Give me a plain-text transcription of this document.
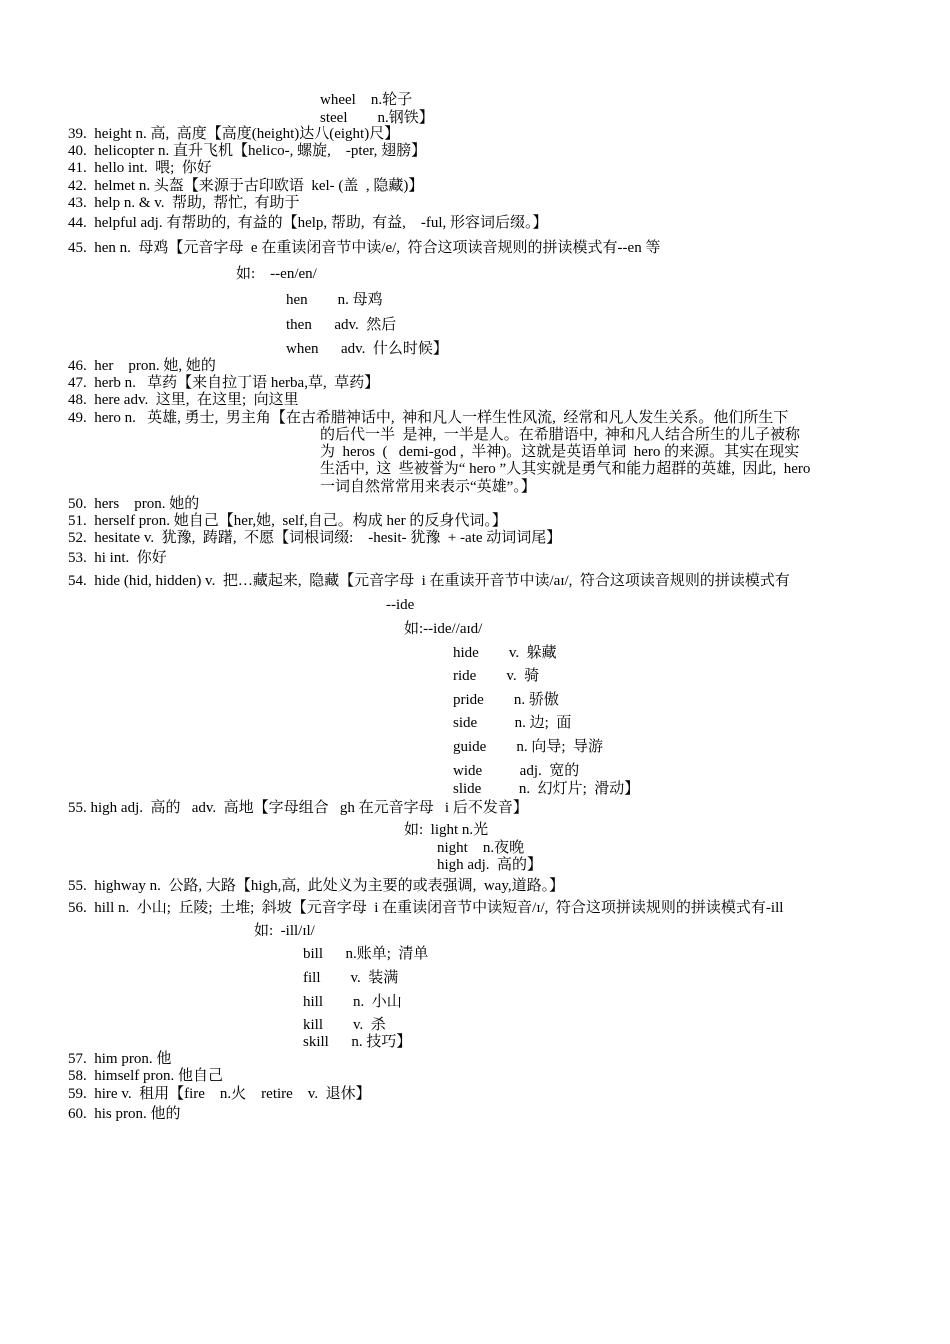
wheel    n.轮子
steel        n.钢铁】
39.  height n. 高,  高度【高度(height)达八(eight)尺】
40.  helicopter n. 直升飞机【helico-, 螺旋,    -pter, 翅膀】
41.  hello int.  喂;  你好
42.  helmet n. 头盔【来源于古印欧语  kel- (盖  , 隐藏)】
43.  help n. & v.  帮助,  帮忙,  有助于
44.  helpful adj. 有帮助的,  有益的【help, 帮助,  有益,    -ful, 形容词后缀。】
45.  hen n.  母鸡【元音字母  e 在重读闭音节中读/e/,  符合这项读音规则的拼读模式有--en 等
如:    --en/en/
hen        n. 母鸡
then      adv.  然后
when      adv.  什么时候】
46.  her    pron. 她, 她的
47.  herb n.   草药【来自拉丁语 herba,草,  草药】
48.  here adv.  这里,  在这里;  向这里
49.  hero n.   英雄, 勇士,  男主角【在古希腊神话中,  神和凡人一样生性风流,  经常和凡人发生关系。他们所生下
的后代一半  是神,  一半是人。在希腊语中,  神和凡人结合所生的儿子被称
为  heros  (   demi-god ,  半神)。这就是英语单词  hero 的来源。其实在现实
生活中,  这  些被誉为“ hero ”人其实就是勇气和能力超群的英雄,  因此,  hero
一词自然常常用来表示“英雄”。】
50.  hers    pron. 她的
51.  herself pron. 她自己【her,她,  self,自己。构成 her 的反身代词。】
52.  hesitate v.  犹豫,  踌躇,  不愿【词根词缀:    -hesit- 犹豫  + -ate 动词词尾】
53.  hi int.  你好
54.  hide (hid, hidden) v.  把…藏起来,  隐藏【元音字母  i 在重读开音节中读/aɪ/,  符合这项读音规则的拼读模式有
--ide
如:--ide//aɪd/
hide        v.  躲藏
ride        v.  骑
pride        n. 骄傲
side          n. 边;  面
guide        n. 向导;  导游
wide          adj.  宽的
slide          n.  幻灯片;  滑动】
55. high adj.  高的   adv.  高地【字母组合   gh 在元音字母   i 后不发音】
如:  light n.光
night    n.夜晚
high adj.  高的】
55.  highway n.  公路, 大路【high,高,  此处义为主要的或表强调,  way,道路。】
56.  hill n.  小山;  丘陵;  土堆;  斜坡【元音字母  i 在重读闭音节中读短音/ɪ/,  符合这项拼读规则的拼读模式有-ill
如:  -ill/ɪl/
bill      n.账单;  清单
fill        v.  装满
hill        n.  小山
kill        v.  杀
skill      n. 技巧】
57.  him pron. 他
58.  himself pron. 他自己
59.  hire v.  租用【fire    n.火    retire    v.  退休】
60.  his pron. 他的
